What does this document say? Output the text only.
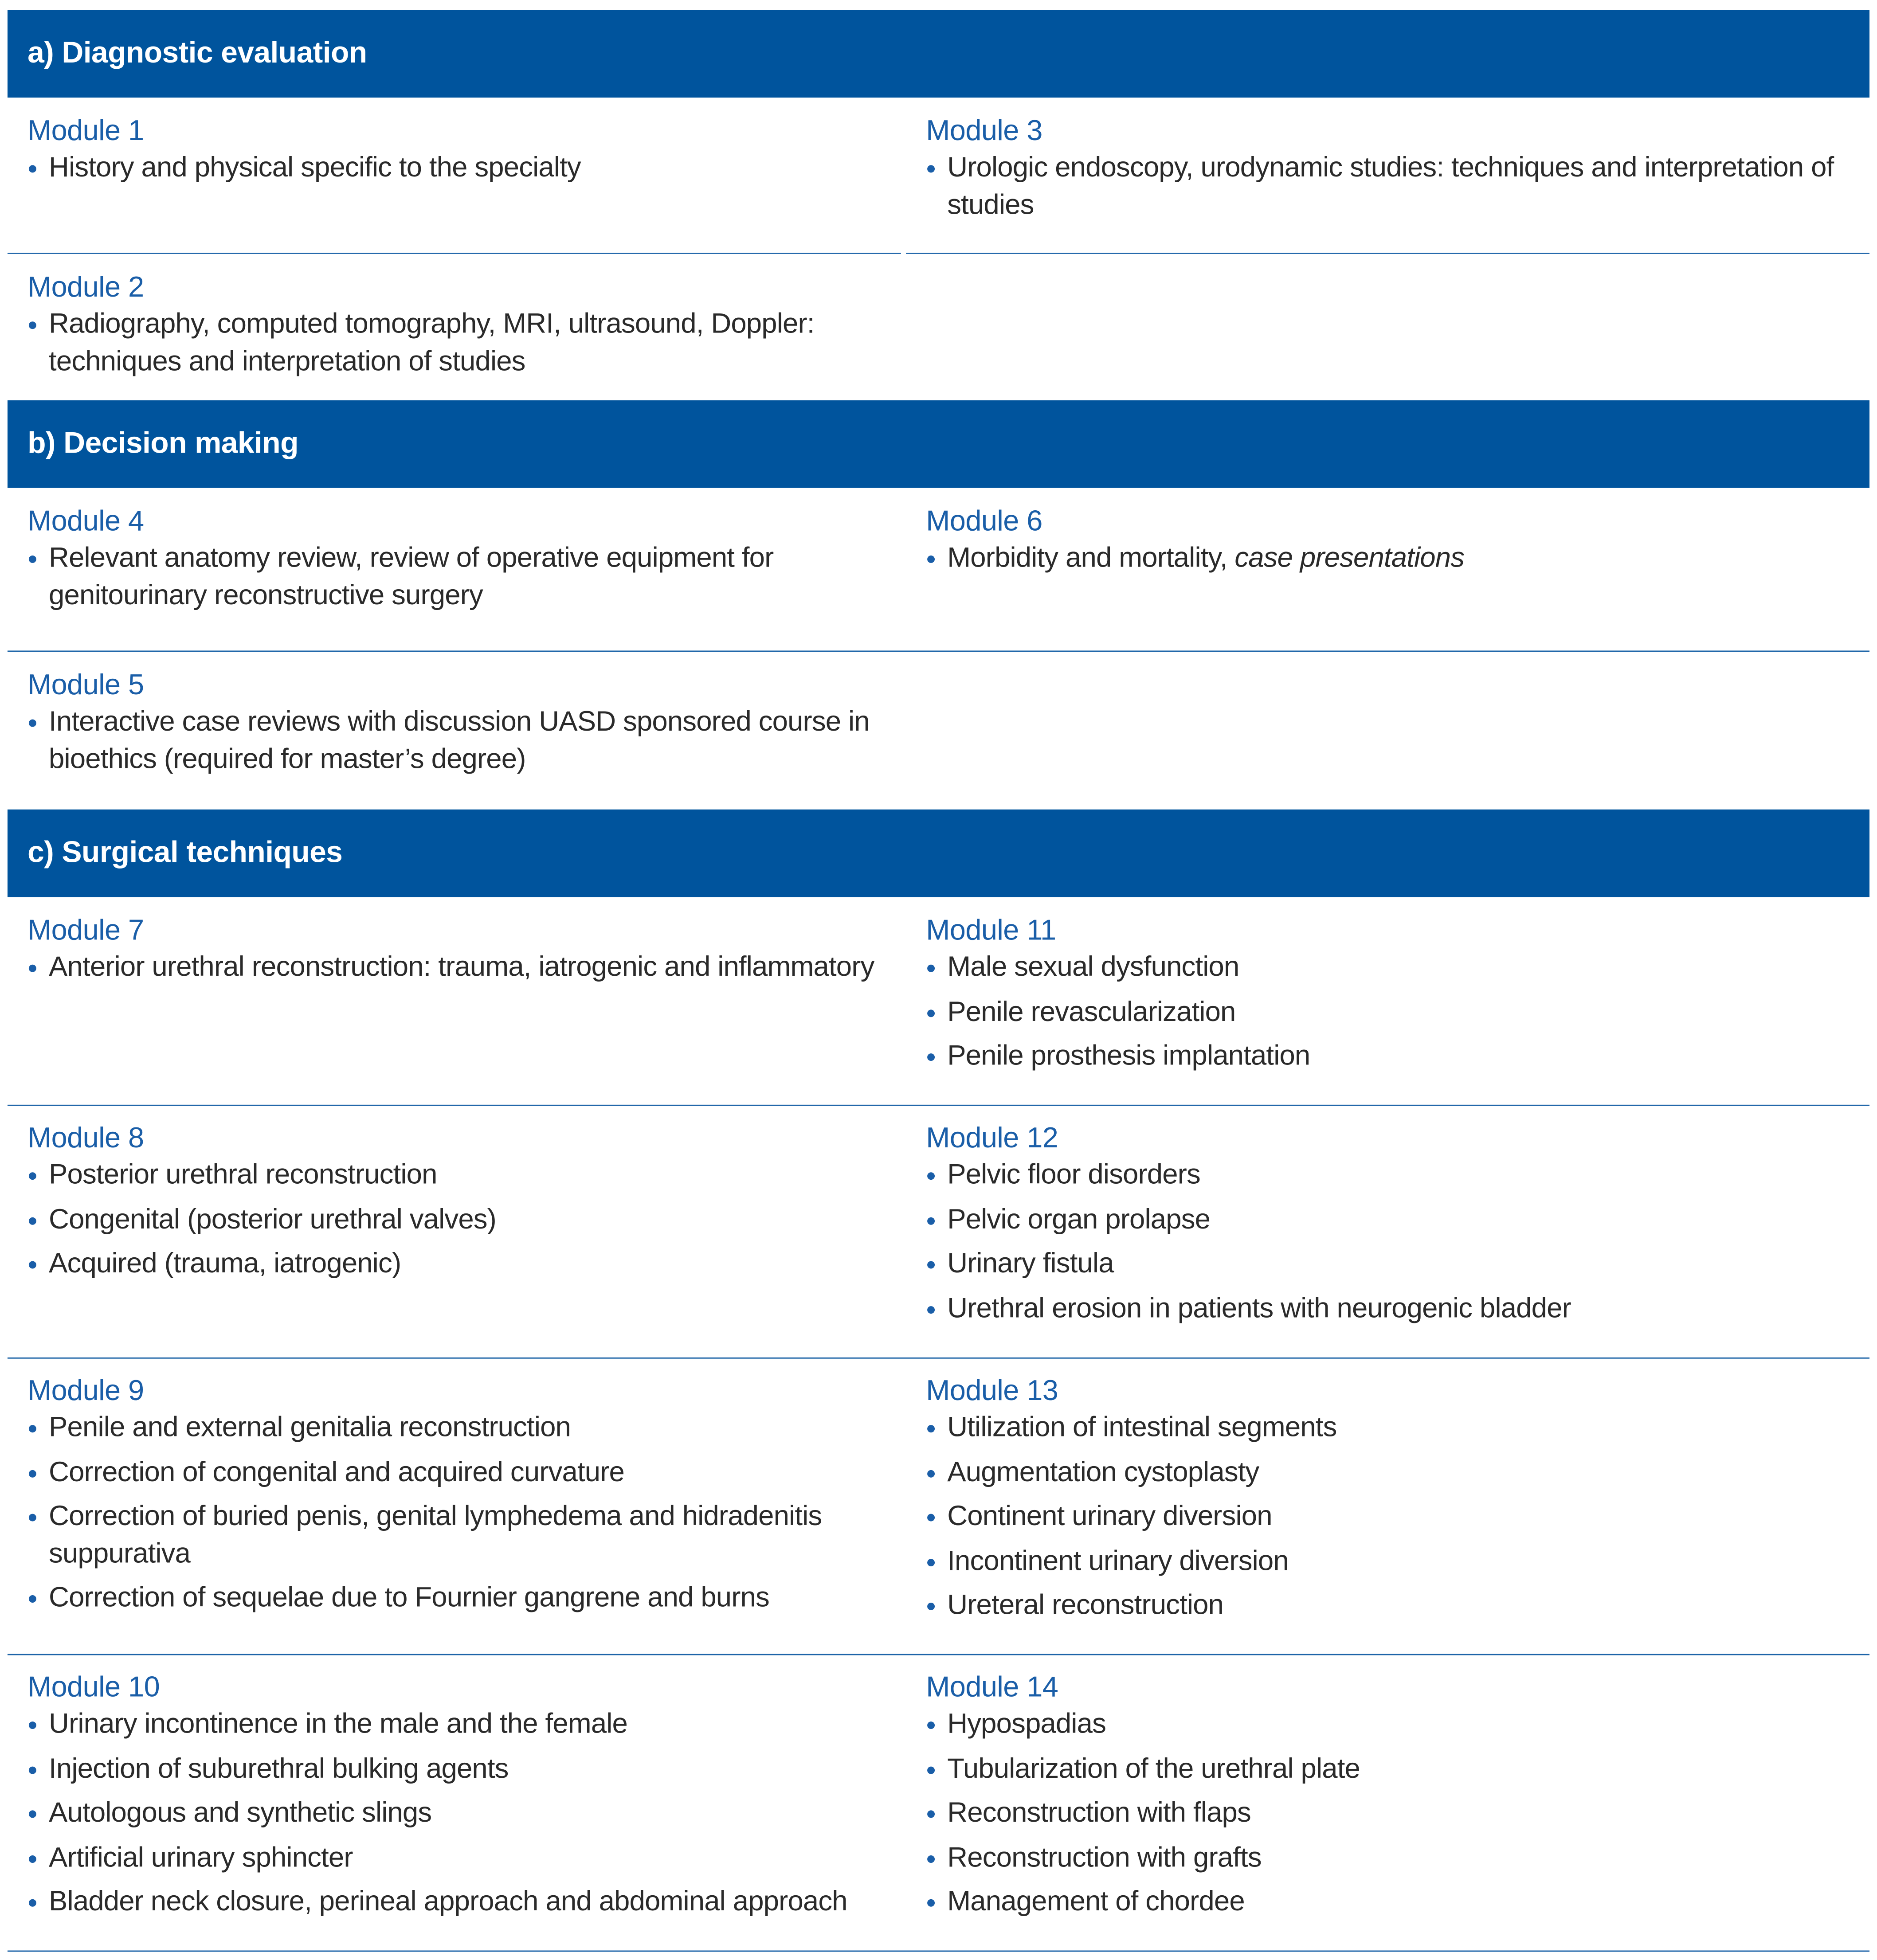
a) Diagnostic evaluation
Module 1
History and physical specific to the specialty
Module 3
Urologic endoscopy, urodynamic studies: techniques and interpretation of studies
Module 2
Radiography, computed tomography, MRI, ultrasound, Doppler: techniques and interpretation of studies
b) Decision making
Module 4
Relevant anatomy review, review of operative equipment for genitourinary reconstructive surgery
Module 6
Morbidity and mortality, case presentations
Module 5
Interactive case reviews with discussion UASD sponsored course in bioethics (required for master’s degree)
c) Surgical techniques
Module 7
Anterior urethral reconstruction: trauma, iatrogenic and inflammatory
Module 11
Male sexual dysfunction
Penile revascularization
Penile prosthesis implantation
Module 8
Posterior urethral reconstruction
Congenital (posterior urethral valves)
Acquired (trauma, iatrogenic)
Module 12
Pelvic floor disorders
Pelvic organ prolapse
Urinary fistula
Urethral erosion in patients with neurogenic bladder
Module 9
Penile and external genitalia reconstruction
Correction of congenital and acquired curvature
Correction of buried penis, genital lymphedema and hidradenitis suppurativa
Correction of sequelae due to Fournier gangrene and burns
Module 13
Utilization of intestinal segments
Augmentation cystoplasty
Continent urinary diversion
Incontinent urinary diversion
Ureteral reconstruction
Module 10
Urinary incontinence in the male and the female
Injection of suburethral bulking agents
Autologous and synthetic slings
Artificial urinary sphincter
Bladder neck closure, perineal approach and abdominal approach
Module 14
Hypospadias
Tubularization of the urethral plate
Reconstruction with flaps
Reconstruction with grafts
Management of chordee
